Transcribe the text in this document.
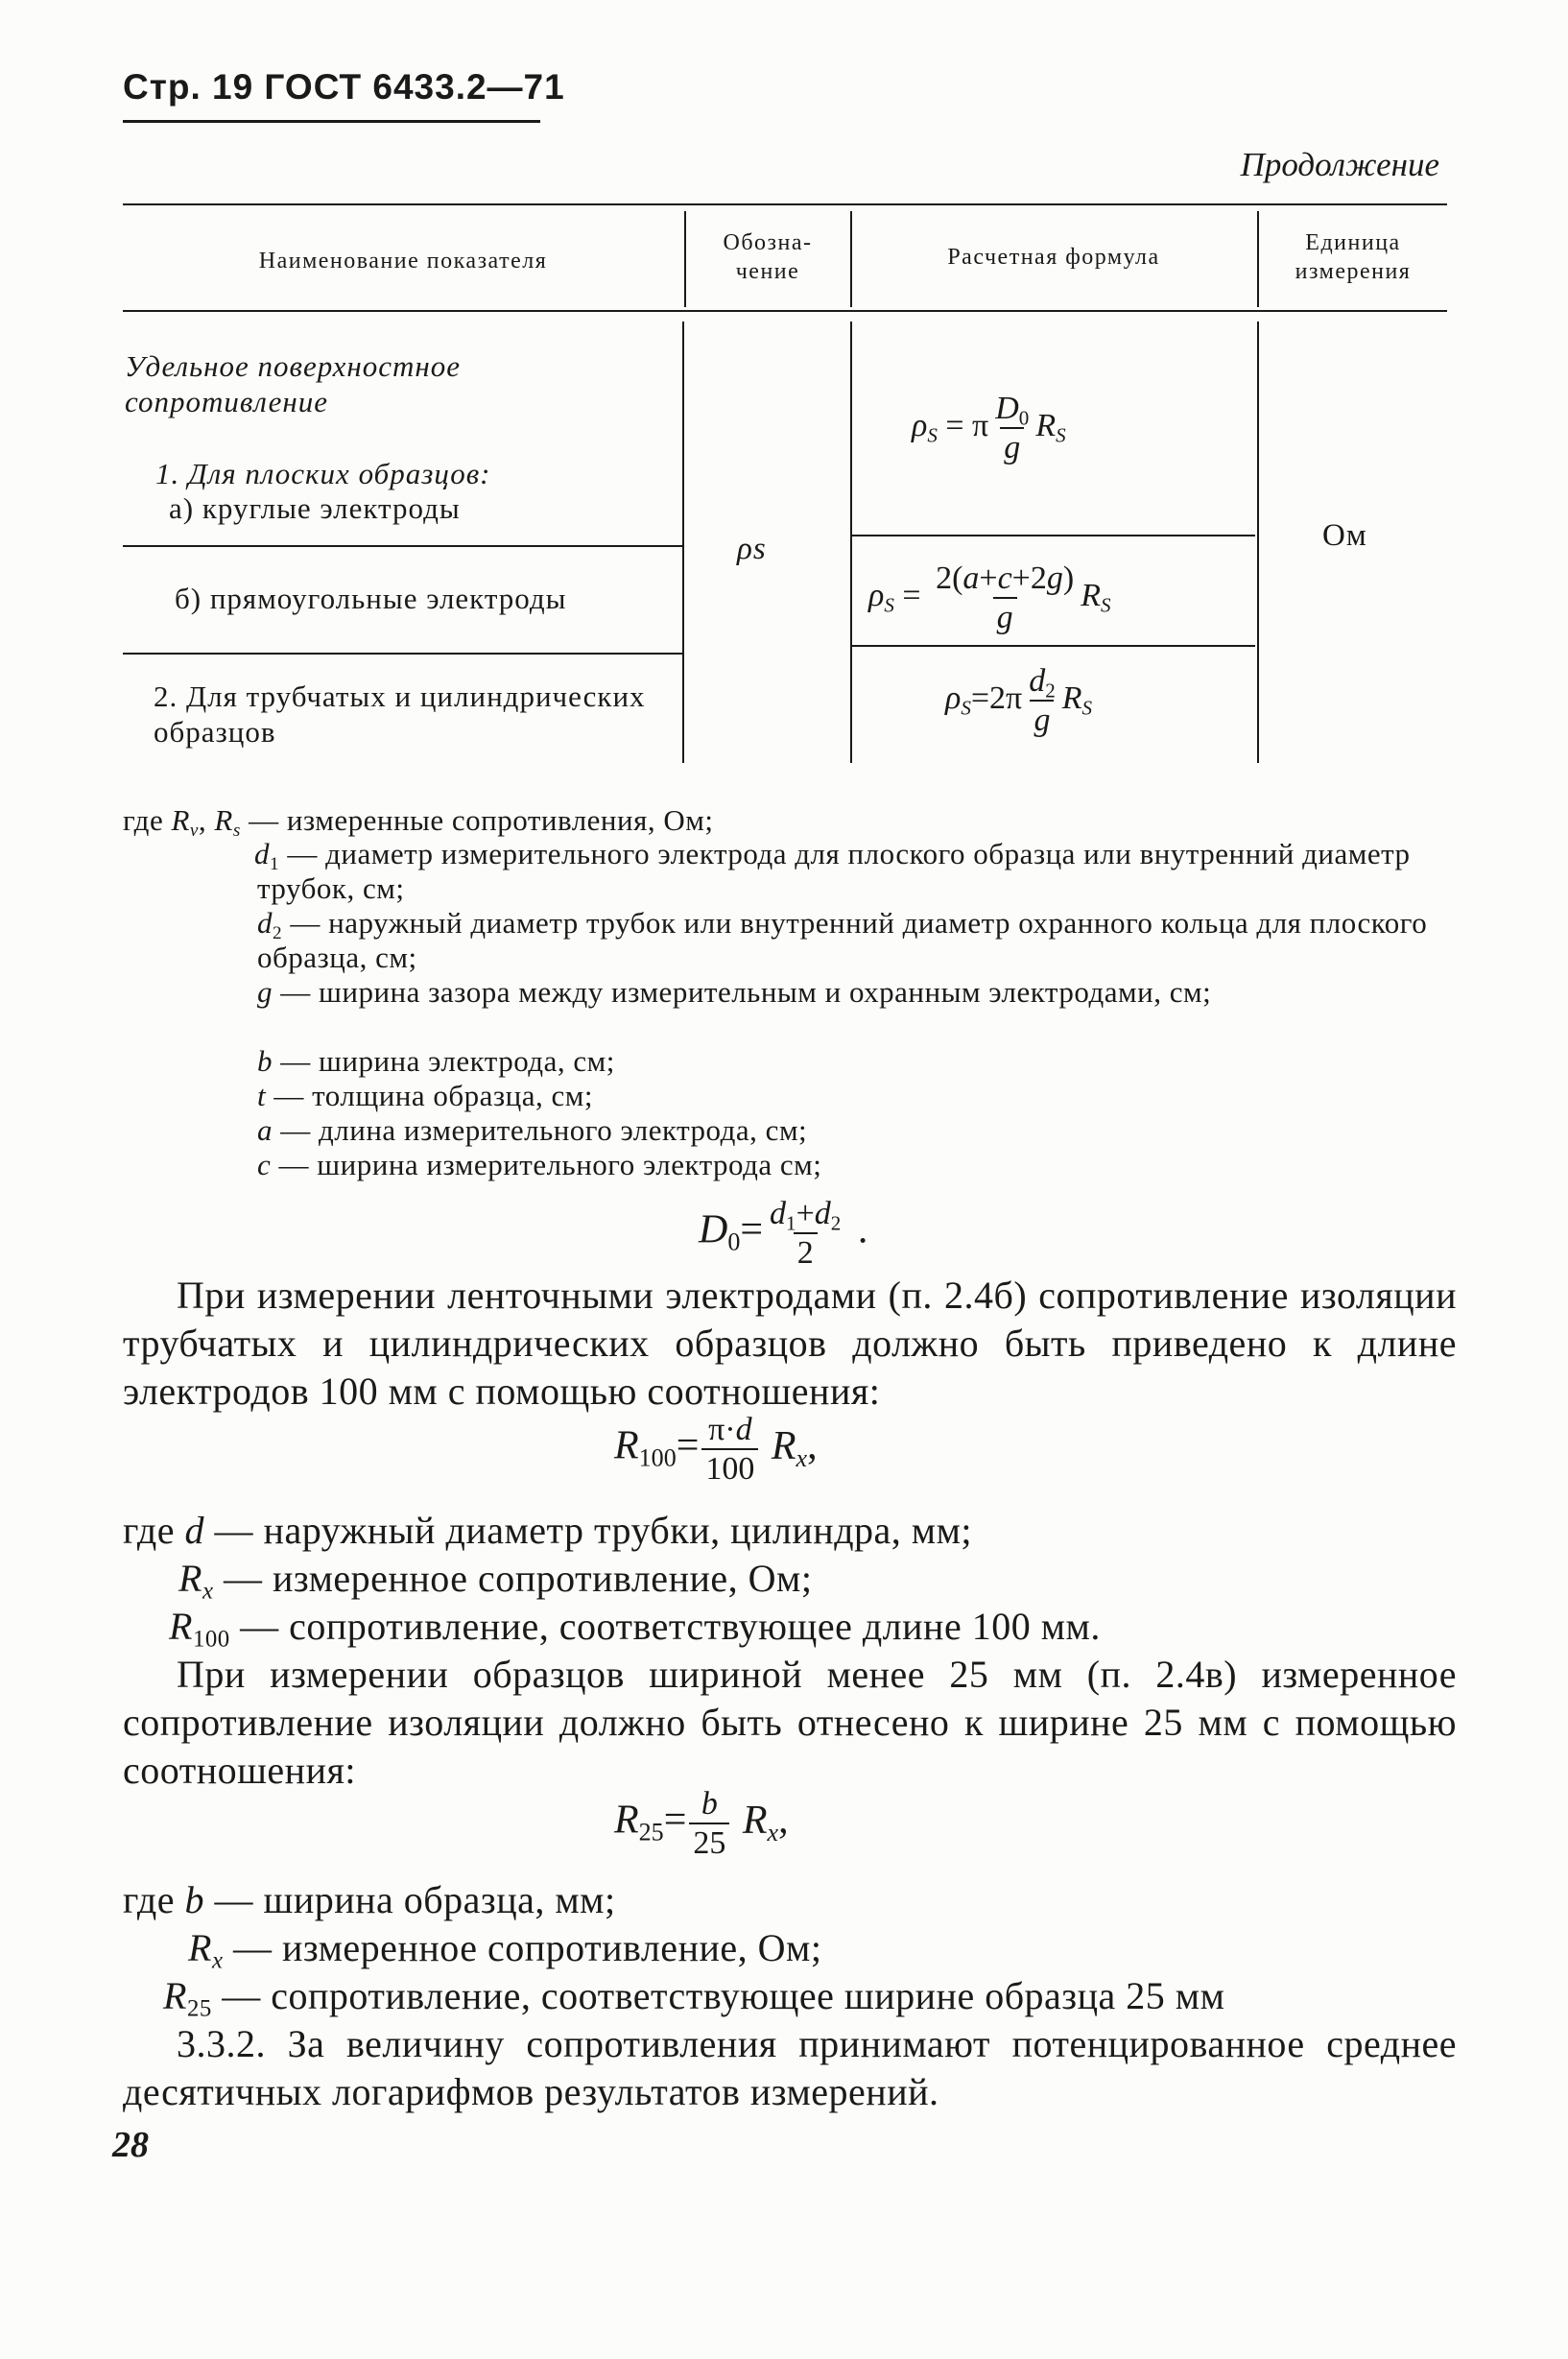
Стр. 19 ГОСТ 6433.2—71
Продолжение
Наименование показателя
Обозна-
чение
Расчетная формула
Единица
измерения
Удельное поверхностное сопротивление
1. Для плоских образцов:
а) круглые электроды
б) прямоугольные электроды
2. Для трубчатых и цилиндрических образцов
ρs	Ом
$\rho_S = \pi \frac{D_0}{g} R_S$
$\rho_S = \frac{2(a+c+2g)}{g} R_S$
$\rho_S=2\pi \frac{d_2}{g} R_S$
где $R_v$, $R_s$ — измеренные сопротивления, Ом;
$d_1$ — диаметр измерительного электрода для плоского образца или внутренний диаметр трубок, см;
$d_2$ — наружный диаметр трубок или внутренний диаметр охранного кольца для плоского образца, см;
g — ширина зазора между измерительным и охранным электродами, см;
b — ширина электрода, см;
t — толщина образца, см;
a — длина измерительного электрода, см;
c — ширина измерительного электрода см;
$D_0= \frac{d_1+d_2}{2}$ .
При измерении ленточными электродами (п. 2.4б) сопротивление изоляции трубчатых и цилиндрических образцов должно быть приведено к длине электродов 100 мм с помощью соотношения:
$R_{100}= \frac{\pi\cdot d}{100} R_x$,
где d — наружный диаметр трубки, цилиндра, мм;
$R_x$ — измеренное сопротивление, Ом;
$R_{100}$ — сопротивление, соответствующее длине 100 мм.
При измерении образцов шириной менее 25 мм (п. 2.4в) измеренное сопротивление изоляции должно быть отнесено к ширине 25 мм с помощью соотношения:
$R_{25}= \frac{b}{25} R_x$,
где b — ширина образца, мм;
$R_x$ — измеренное сопротивление, Ом;
$R_{25}$ — сопротивление, соответствующее ширине образца 25 мм
3.3.2. За величину сопротивления принимают потенцированное среднее десятичных логарифмов результатов измерений.
28
